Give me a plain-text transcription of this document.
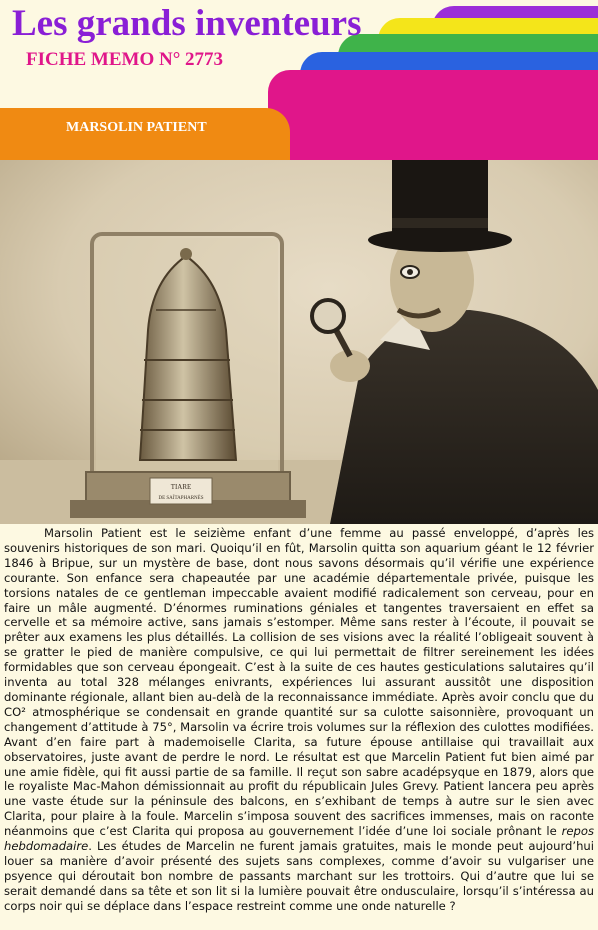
Les grands inventeurs
FICHE MEMO N° 2773
MARSOLIN PATIENT
TIARE
DE SAÏTAPHARNÈS

Marsolin Patient est le seizième enfant d’une femme au passé enveloppé, d’après les souvenirs historiques de son mari. Quoiqu’il en fût, Marsolin quitta son aquarium géant le 12 février 1846 à Bripue, sur un mystère de base, dont nous savons désormais qu’il vérifie une expérience courante. Son enfance sera chapeautée par une académie départementale privée, puisque les torsions natales de ce gentleman impeccable avaient modifié radicalement son cerveau, pour en faire un mâle augmenté. D’énormes ruminations géniales et tangentes traversaient en effet sa cervelle et sa mémoire active, sans jamais s’estomper. Même sans rester à l’écoute, il pouvait se prêter aux examens les plus détaillés. La collision de ses visions avec la réalité l’obligeait souvent à se gratter le pied de manière compulsive, ce qui lui permettait de filtrer sereinement les idées formidables que son cerveau épongeait. C’est à la suite de ces hautes gesticulations salutaires qu’il inventa au total 328 mélanges enivrants, expériences lui assurant aussitôt une disposition dominante régionale, allant bien au-delà de la reconnaissance immédiate. Après avoir conclu que du CO² atmosphérique se condensait en grande quantité sur sa culotte saisonnière, provoquant un changement d’attitude à 75°, Marsolin va écrire trois volumes sur la réflexion des culottes modifiées. Avant d’en faire part à mademoiselle Clarita, sa future épouse antillaise qui travaillait aux observatoires, juste avant de perdre le nord. Le résultat est que Marcelin Patient fut bien aimé par une amie fidèle, qui fit aussi partie de sa famille. Il reçut son sabre acadépsyque en 1879, alors que le royaliste Mac-Mahon démissionnait au profit du républicain Jules Grevy. Patient lancera peu après une vaste étude sur la péninsule des balcons, en s’exhibant de temps à autre sur le sien avec Clarita, pour plaire à la foule. Marcelin s’imposa souvent des sacrifices immenses, mais on raconte néanmoins que c’est Clarita qui proposa au gouvernement l’idée d’une loi sociale prônant le repos hebdomadaire. Les études de Marcelin ne furent jamais gratuites, mais le monde peut aujourd’hui louer sa manière d’avoir présenté des sujets sans complexes, comme d’avoir su vulgariser une psyence qui déroutait bon nombre de passants marchant sur les trottoirs. Qui d’autre que lui se serait demandé dans sa tête et son lit si la lumière pouvait être ondusculaire, lorsqu’il s’intéressa au corps noir qui se déplace dans l’espace restreint comme une onde naturelle ?
